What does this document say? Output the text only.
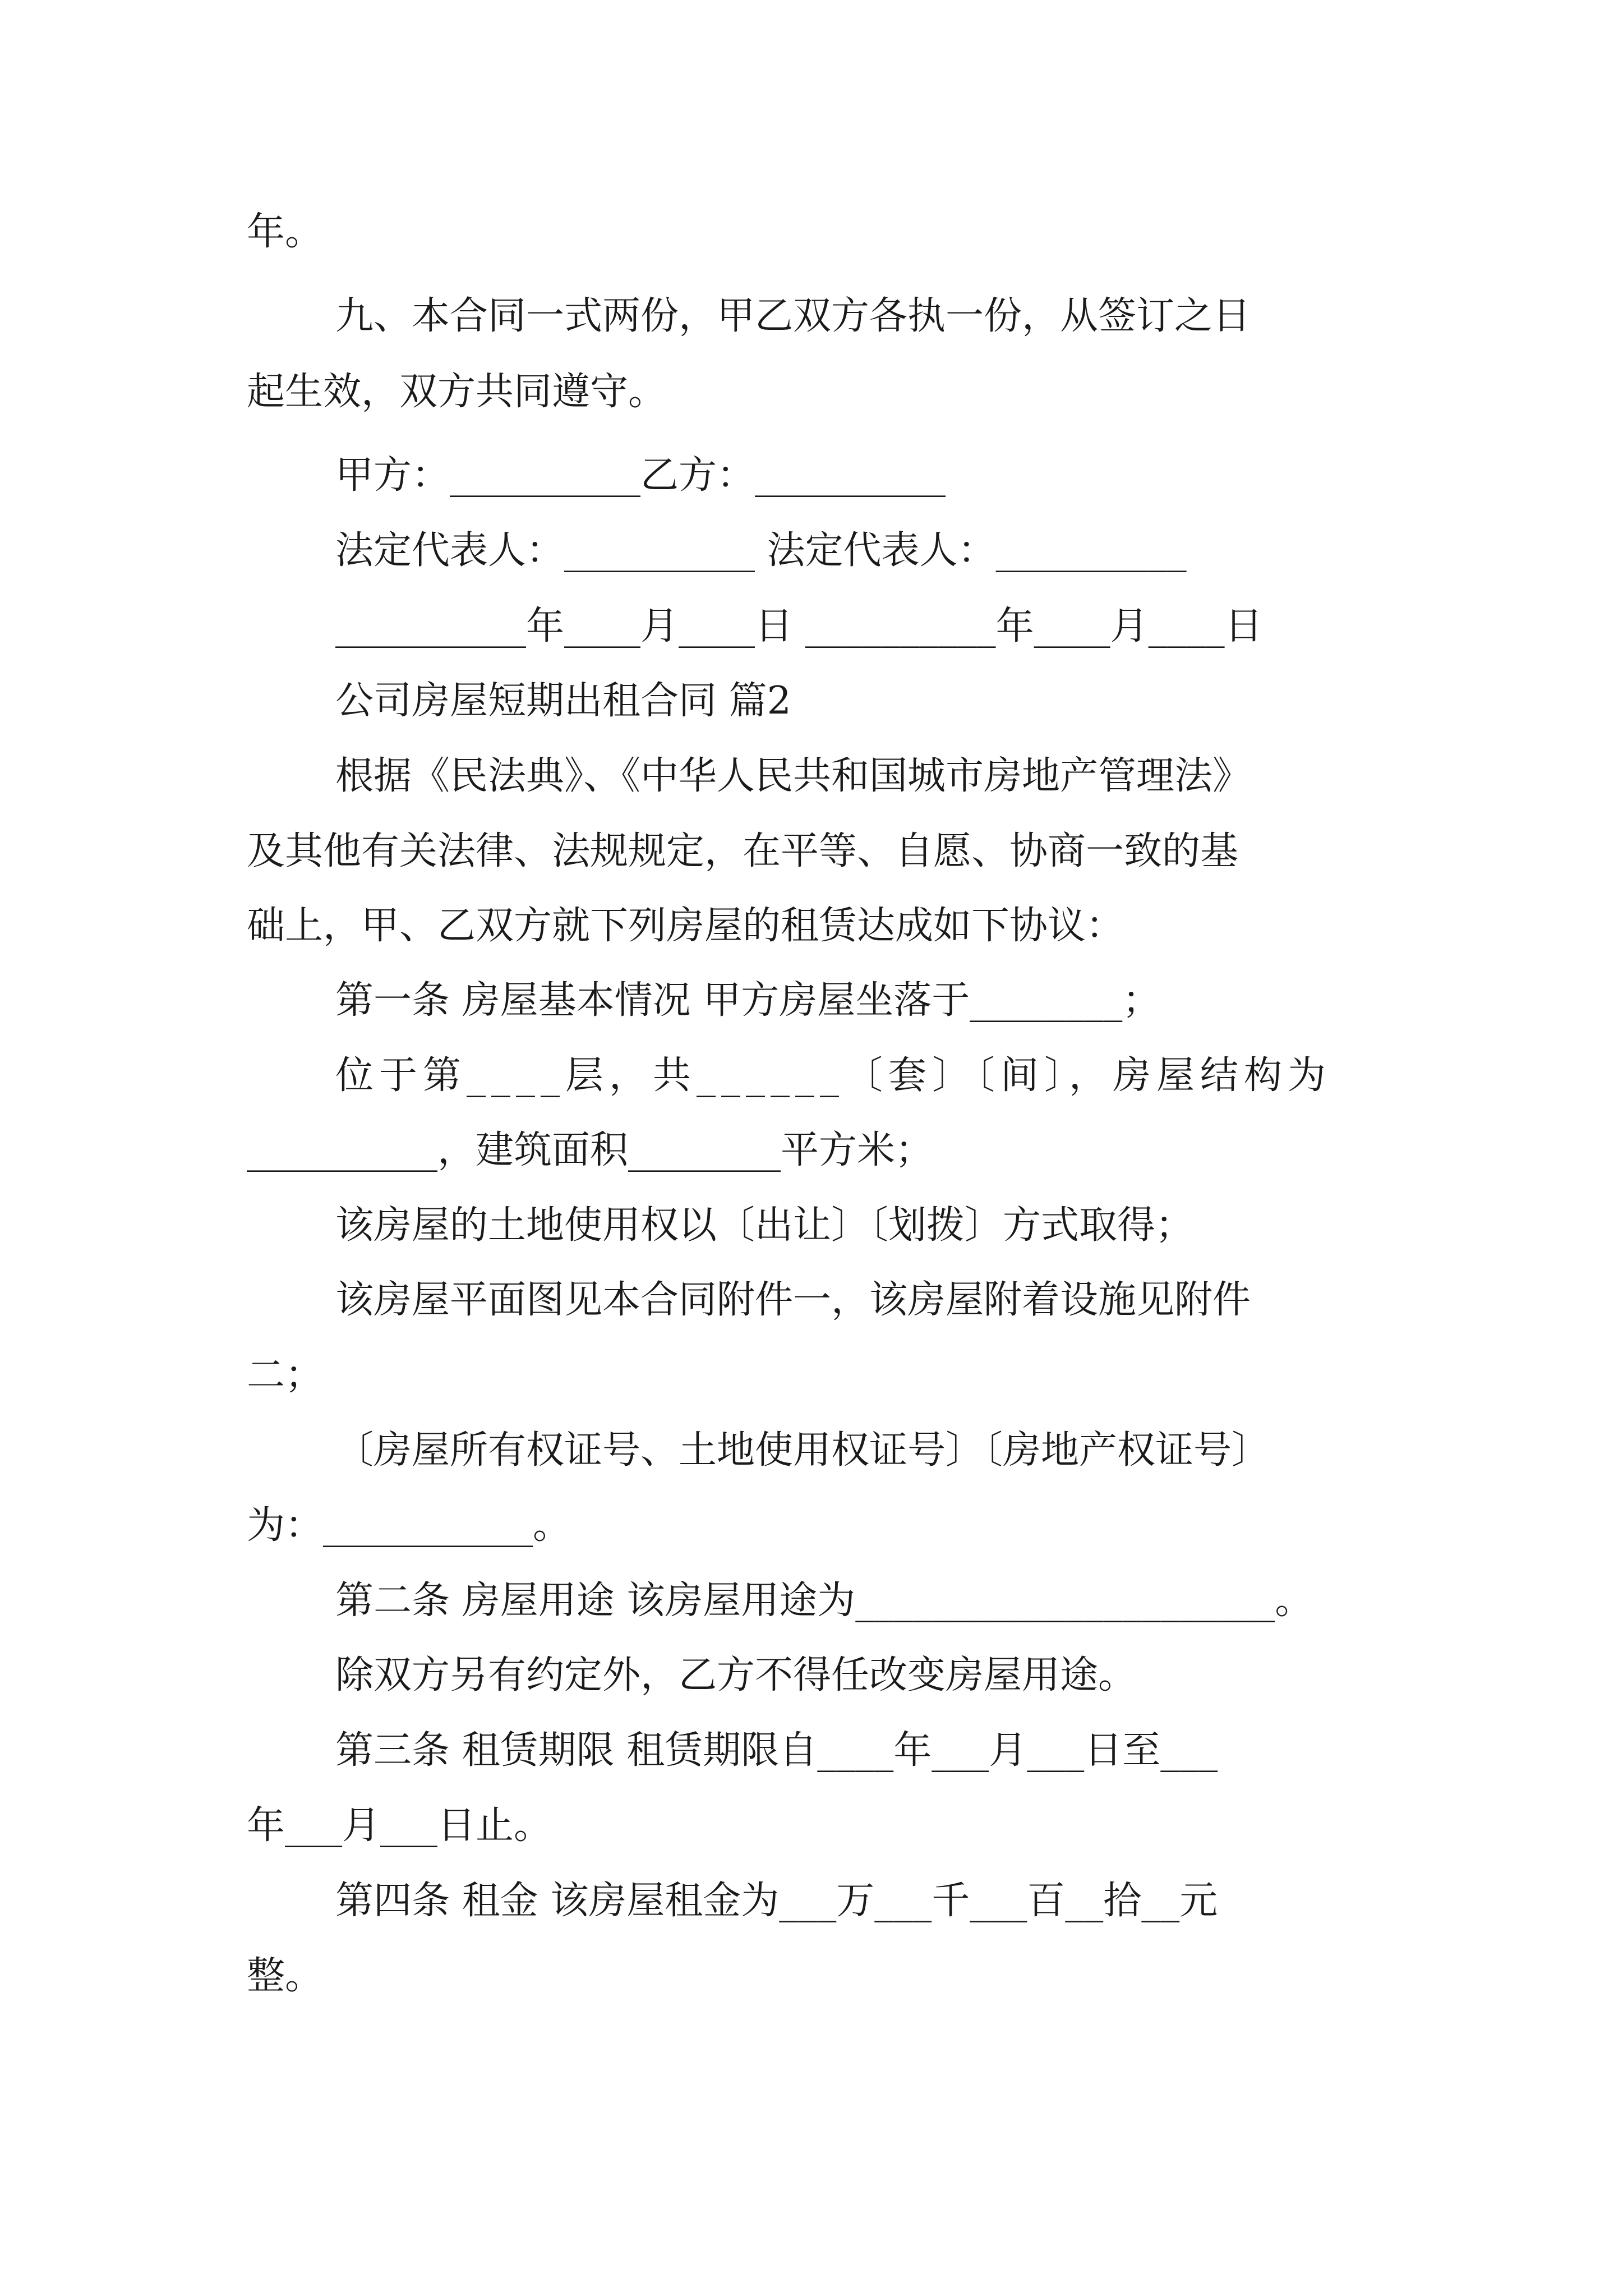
年。
九、本合同一式两份，甲乙双方各执一份，从签订之日
起生效，双方共同遵守。
甲方：__________乙方：__________
法定代表人：__________ 法定代表人：__________
__________年____月____日 __________年____月____日
公司房屋短期出租合同 篇2
根据《民法典》、《中华人民共和国城市房地产管理法》
及其他有关法律、法规规定，在平等、自愿、协商一致的基
础上，甲、乙双方就下列房屋的租赁达成如下协议：
第一条 房屋基本情况 甲方房屋坐落于________；
位于第____层，共______〔套〕〔间〕，房屋结构为
__________，建筑面积________平方米；
该房屋的土地使用权以〔出让〕〔划拨〕方式取得；
该房屋平面图见本合同附件一，该房屋附着设施见附件
二；
〔房屋所有权证号、土地使用权证号〕〔房地产权证号〕
为：___________。
第二条 房屋用途 该房屋用途为______________________。
除双方另有约定外，乙方不得任改变房屋用途。
第三条 租赁期限 租赁期限自____年___月___日至___
年___月___日止。
第四条 租金 该房屋租金为___万___千___百__拾__元
整。
